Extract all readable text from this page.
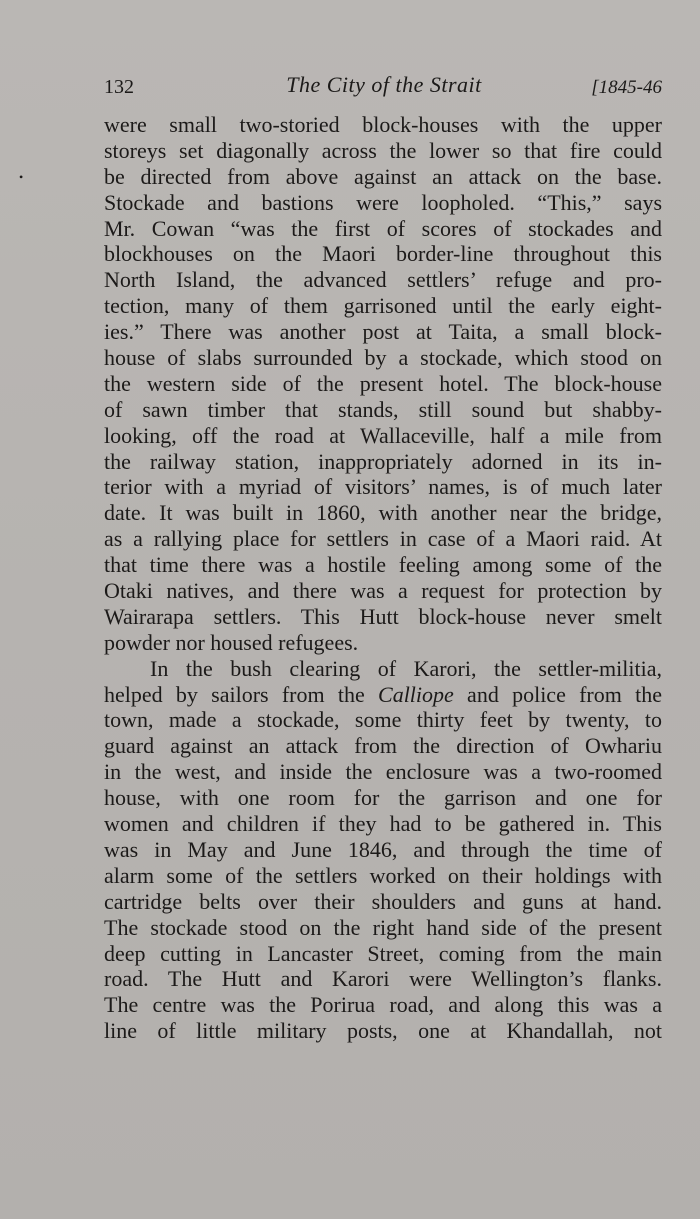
•
132	The City of the Strait	[1845-46
were small two-storied block-houses with the upper
storeys set diagonally across the lower so that fire could
be directed from above against an attack on the base.
Stockade and bastions were loopholed. “This,” says
Mr. Cowan “was the first of scores of stockades and
blockhouses on the Maori border-line throughout this
North Island, the advanced settlers’ refuge and pro-
tection, many of them garrisoned until the early eight-
ies.” There was another post at Taita, a small block-
house of slabs surrounded by a stockade, which stood on
the western side of the present hotel. The block-house
of sawn timber that stands, still sound but shabby-
looking, off the road at Wallaceville, half a mile from
the railway station, inappropriately adorned in its in-
terior with a myriad of visitors’ names, is of much later
date. It was built in 1860, with another near the bridge,
as a rallying place for settlers in case of a Maori raid. At
that time there was a hostile feeling among some of the
Otaki natives, and there was a request for protection by
Wairarapa settlers. This Hutt block-house never smelt
powder nor housed refugees.
In the bush clearing of Karori, the settler-militia,
helped by sailors from the Calliope and police from the
town, made a stockade, some thirty feet by twenty, to
guard against an attack from the direction of Owhariu
in the west, and inside the enclosure was a two-roomed
house, with one room for the garrison and one for
women and children if they had to be gathered in. This
was in May and June 1846, and through the time of
alarm some of the settlers worked on their holdings with
cartridge belts over their shoulders and guns at hand.
The stockade stood on the right hand side of the present
deep cutting in Lancaster Street, coming from the main
road. The Hutt and Karori were Wellington’s flanks.
The centre was the Porirua road, and along this was a
line of little military posts, one at Khandallah, not
